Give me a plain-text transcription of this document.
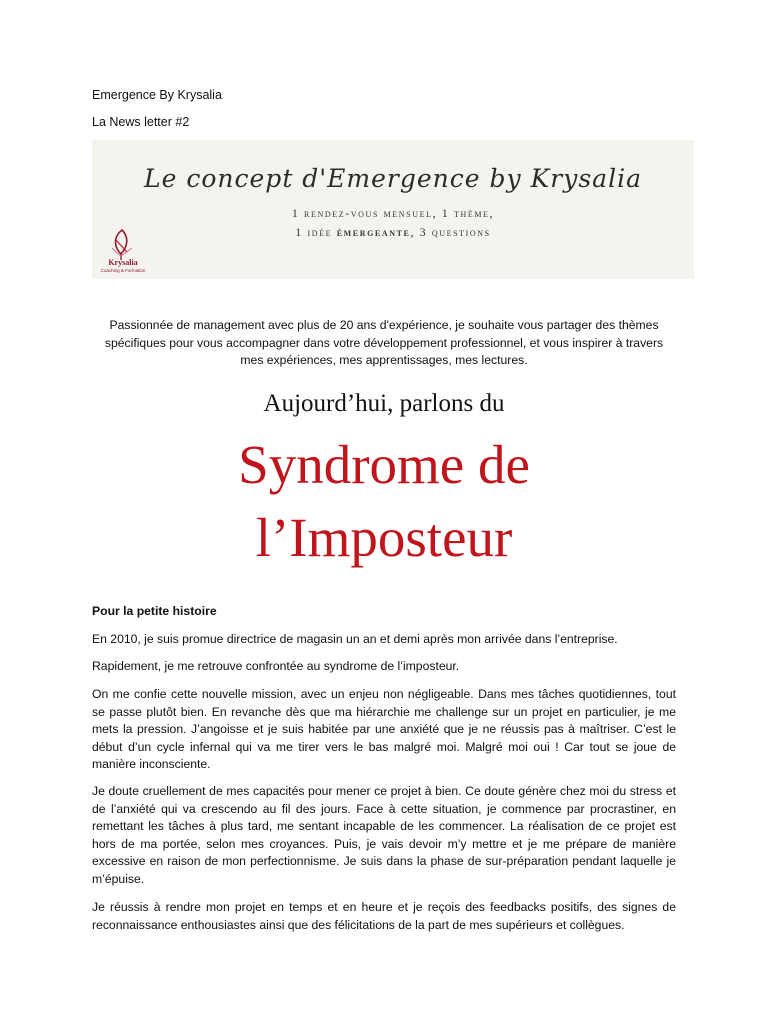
Emergence By Krysalia
La News letter #2
Le concept d'Emergence by Krysalia
1 rendez-vous mensuel, 1 thème,
1 idée émergeante, 3 questions
Krysalia
Coaching & Formation
Passionnée de management avec plus de 20 ans d'expérience, je souhaite vous partager des thèmes spécifiques pour vous accompagner dans votre développement professionnel, et vous inspirer à travers mes expériences, mes apprentissages, mes lectures.
Aujourd’hui, parlons du
Syndrome de
l’Imposteur
Pour la petite histoire
En 2010, je suis promue directrice de magasin un an et demi après mon arrivée dans l’entreprise.
Rapidement, je me retrouve confrontée au syndrome de l’imposteur.
On me confie cette nouvelle mission, avec un enjeu non négligeable. Dans mes tâches quotidiennes, tout se passe plutôt bien. En revanche dès que ma hiérarchie me challenge sur un projet en particulier, je me mets la pression. J’angoisse et je suis habitée par une anxiété que je ne réussis pas à maîtriser. C’est le début d’un cycle infernal qui va me tirer vers le bas malgré moi. Malgré moi oui ! Car tout se joue de manière inconsciente.
Je doute cruellement de mes capacités pour mener ce projet à bien. Ce doute génère chez moi du stress et de l’anxiété qui va crescendo au fil des jours. Face à cette situation, je commence par procrastiner, en remettant les tâches à plus tard, me sentant incapable de les commencer. La réalisation de ce projet est hors de ma portée, selon mes croyances. Puis, je vais devoir m’y mettre et je me prépare de manière excessive en raison de mon perfectionnisme. Je suis dans la phase de sur-préparation pendant laquelle je m’épuise.
Je réussis à rendre mon projet en temps et en heure et je reçois des feedbacks positifs, des signes de reconnaissance enthousiastes ainsi que des félicitations de la part de mes supérieurs et collègues.
